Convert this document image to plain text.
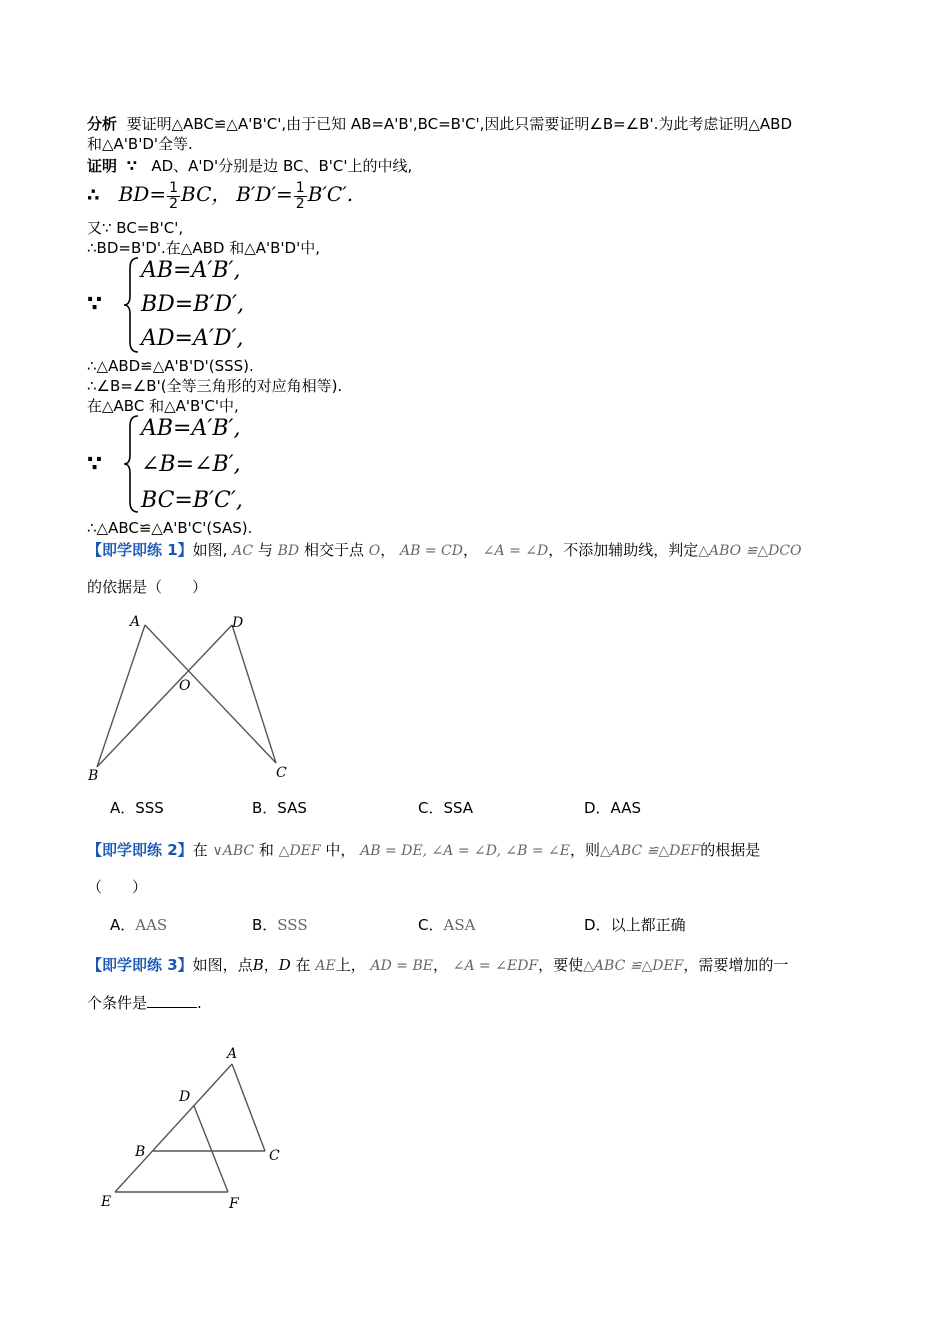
分析 要证明△ABC≌△A'B'C',由于已知 AB=A'B',BC=B'C',因此只需要证明∠B=∠B'.为此考虑证明△ABD
和△A'B'D'全等.
证明 ∵ AD、A'D'分别是边 BC、B'C'上的中线,
∴ $BD= \frac{1}{2}$ BC， $B'D'= \frac{1}{2} B'C'$.
又∵ BC=B'C',
∴BD=B'D'.在△ABD 和△A'B'D'中,
∵
AB=A′B′,
BD=B′D′,
AD=A′D′,
∴△ABD≌△A'B'D'(SSS).
∴∠B=∠B'(全等三角形的对应角相等).
在△ABC 和△A'B'C'中,
∵
AB=A′B′,
∠B=∠B′,
BC=B′C′,
∴△ABC≌△A'B'C'(SAS).
【即学即练 1】如图, AC 与 BD 相交于点 O， AB = CD， ∠A = ∠D，不添加辅助线，判定△ABO ≌△DCO
的依据是（　　）
A	D
O
B	C
A．SSS	B．SAS	C．SSA	D．AAS
【即学即练 2】在 ∨ABC 和 △DEF 中， AB = DE, ∠A = ∠D, ∠B = ∠E，则△ABC ≌△DEF的根据是
（　　）
A．AAS	B．SSS	C．ASA	D．以上都正确
【即学即练 3】如图，点B，D 在 AE上， AD = BE， ∠A = ∠EDF，要使△ABC ≌△DEF，需要增加的一
个条件是	.
A
D
B	C
E	F
